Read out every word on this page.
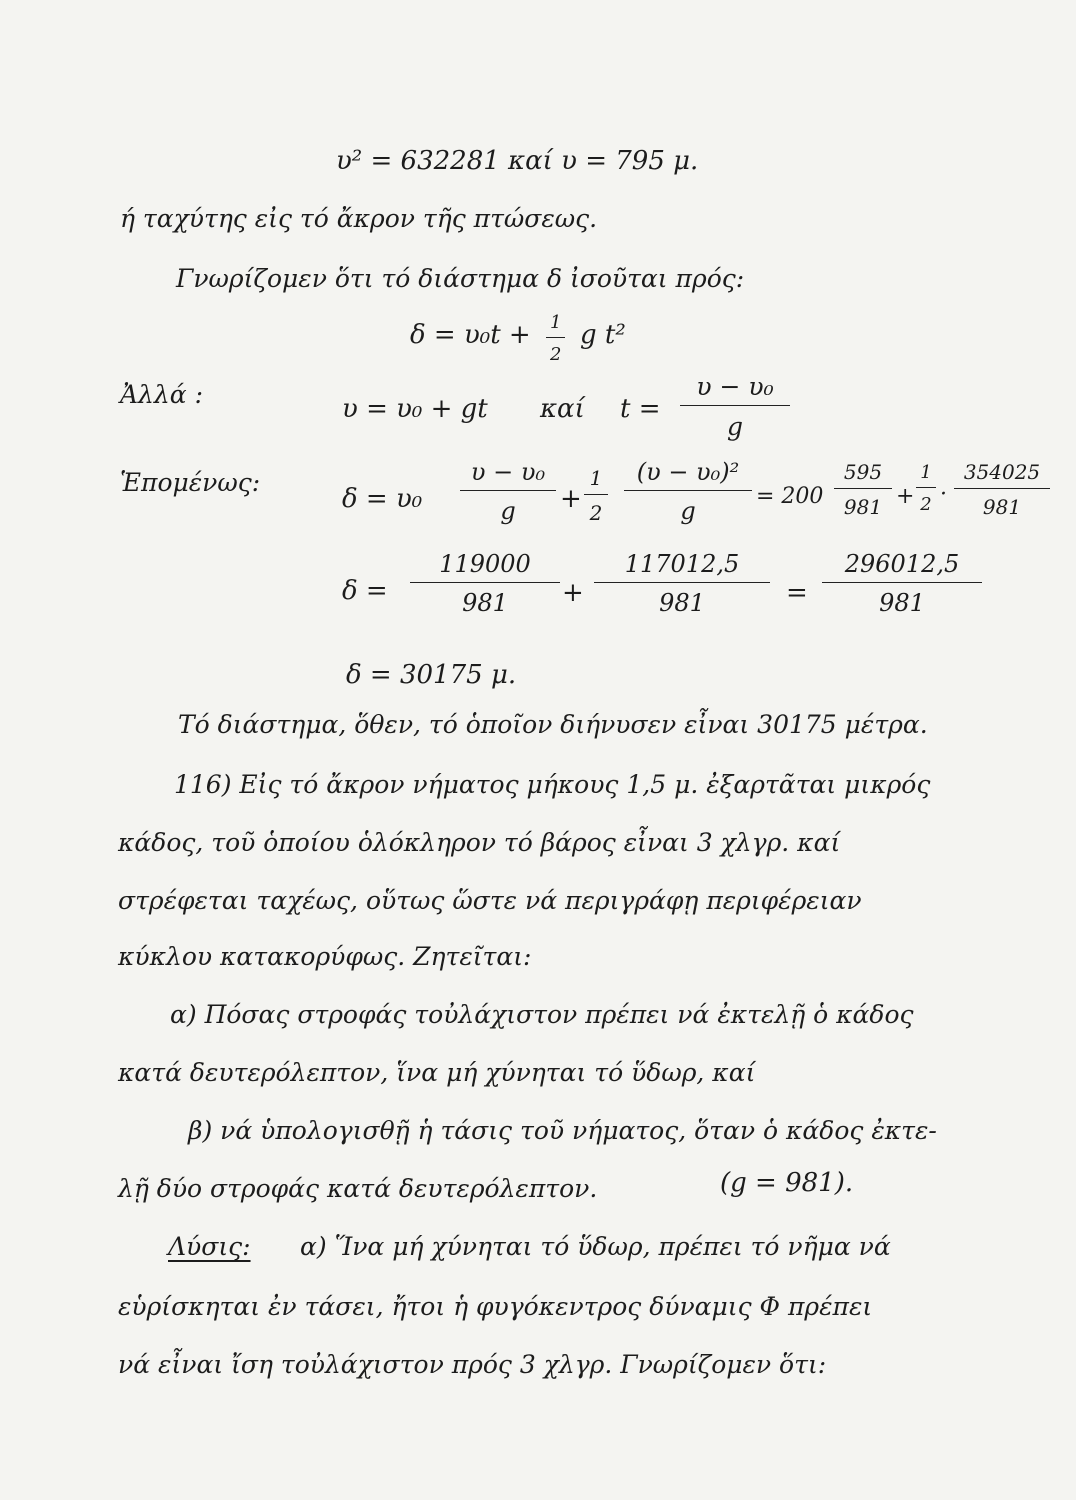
υ² = 632281 καί υ = 795 μ.
ή ταχύτης εἰς τό ἄκρον τῆς πτώσεως.
Γνωρίζομεν ὅτι τό διάστημα δ ἰσοῦται πρός:
δ = υ₀t + 1
2
g t²
Ἀλλά :	υ = υ₀ + gt καί t =
υ − υ₀
g
Ἑπομένως:
δ = υ₀
υ − υ₀
g	+
1
2
(υ − υ₀)²
g
= 200
595
981 +
1
2 ·
354025
981
δ =
119000
981	+
117012,5
981	=
296012,5
981
δ = 30175 μ.
Τό διάστημα, ὅθεν, τό ὁποῖον διήνυσεν εἶναι 30175 μέτρα.
116) Εἰς τό ἄκρον νήματος μήκους 1,5 μ. ἐξαρτᾶται μικρός
κάδος, τοῦ ὁποίου ὁλόκληρον τό βάρος εἶναι 3 χλγρ. καί
στρέφεται ταχέως, οὕτως ὥστε νά περιγράφῃ περιφέρειαν
κύκλου κατακορύφως. Ζητεῖται:
α) Πόσας στροφάς τοὐλάχιστον πρέπει νά ἐκτελῇ ὁ κάδος
κατά δευτερόλεπτον, ἵνα μή χύνηται τό ὕδωρ, καί
β) νά ὑπολογισθῇ ἡ τάσις τοῦ νήματος, ὅταν ὁ κάδος ἐκτε-
λῇ δύο στροφάς κατά δευτερόλεπτον.	(g = 981).
Λύσις: α) Ἵνα μή χύνηται τό ὕδωρ, πρέπει τό νῆμα νά
εὑρίσκηται ἐν τάσει, ἤτοι ἡ φυγόκεντρος δύναμις Φ πρέπει
νά εἶναι ἴση τοὐλάχιστον πρός 3 χλγρ. Γνωρίζομεν ὅτι:
